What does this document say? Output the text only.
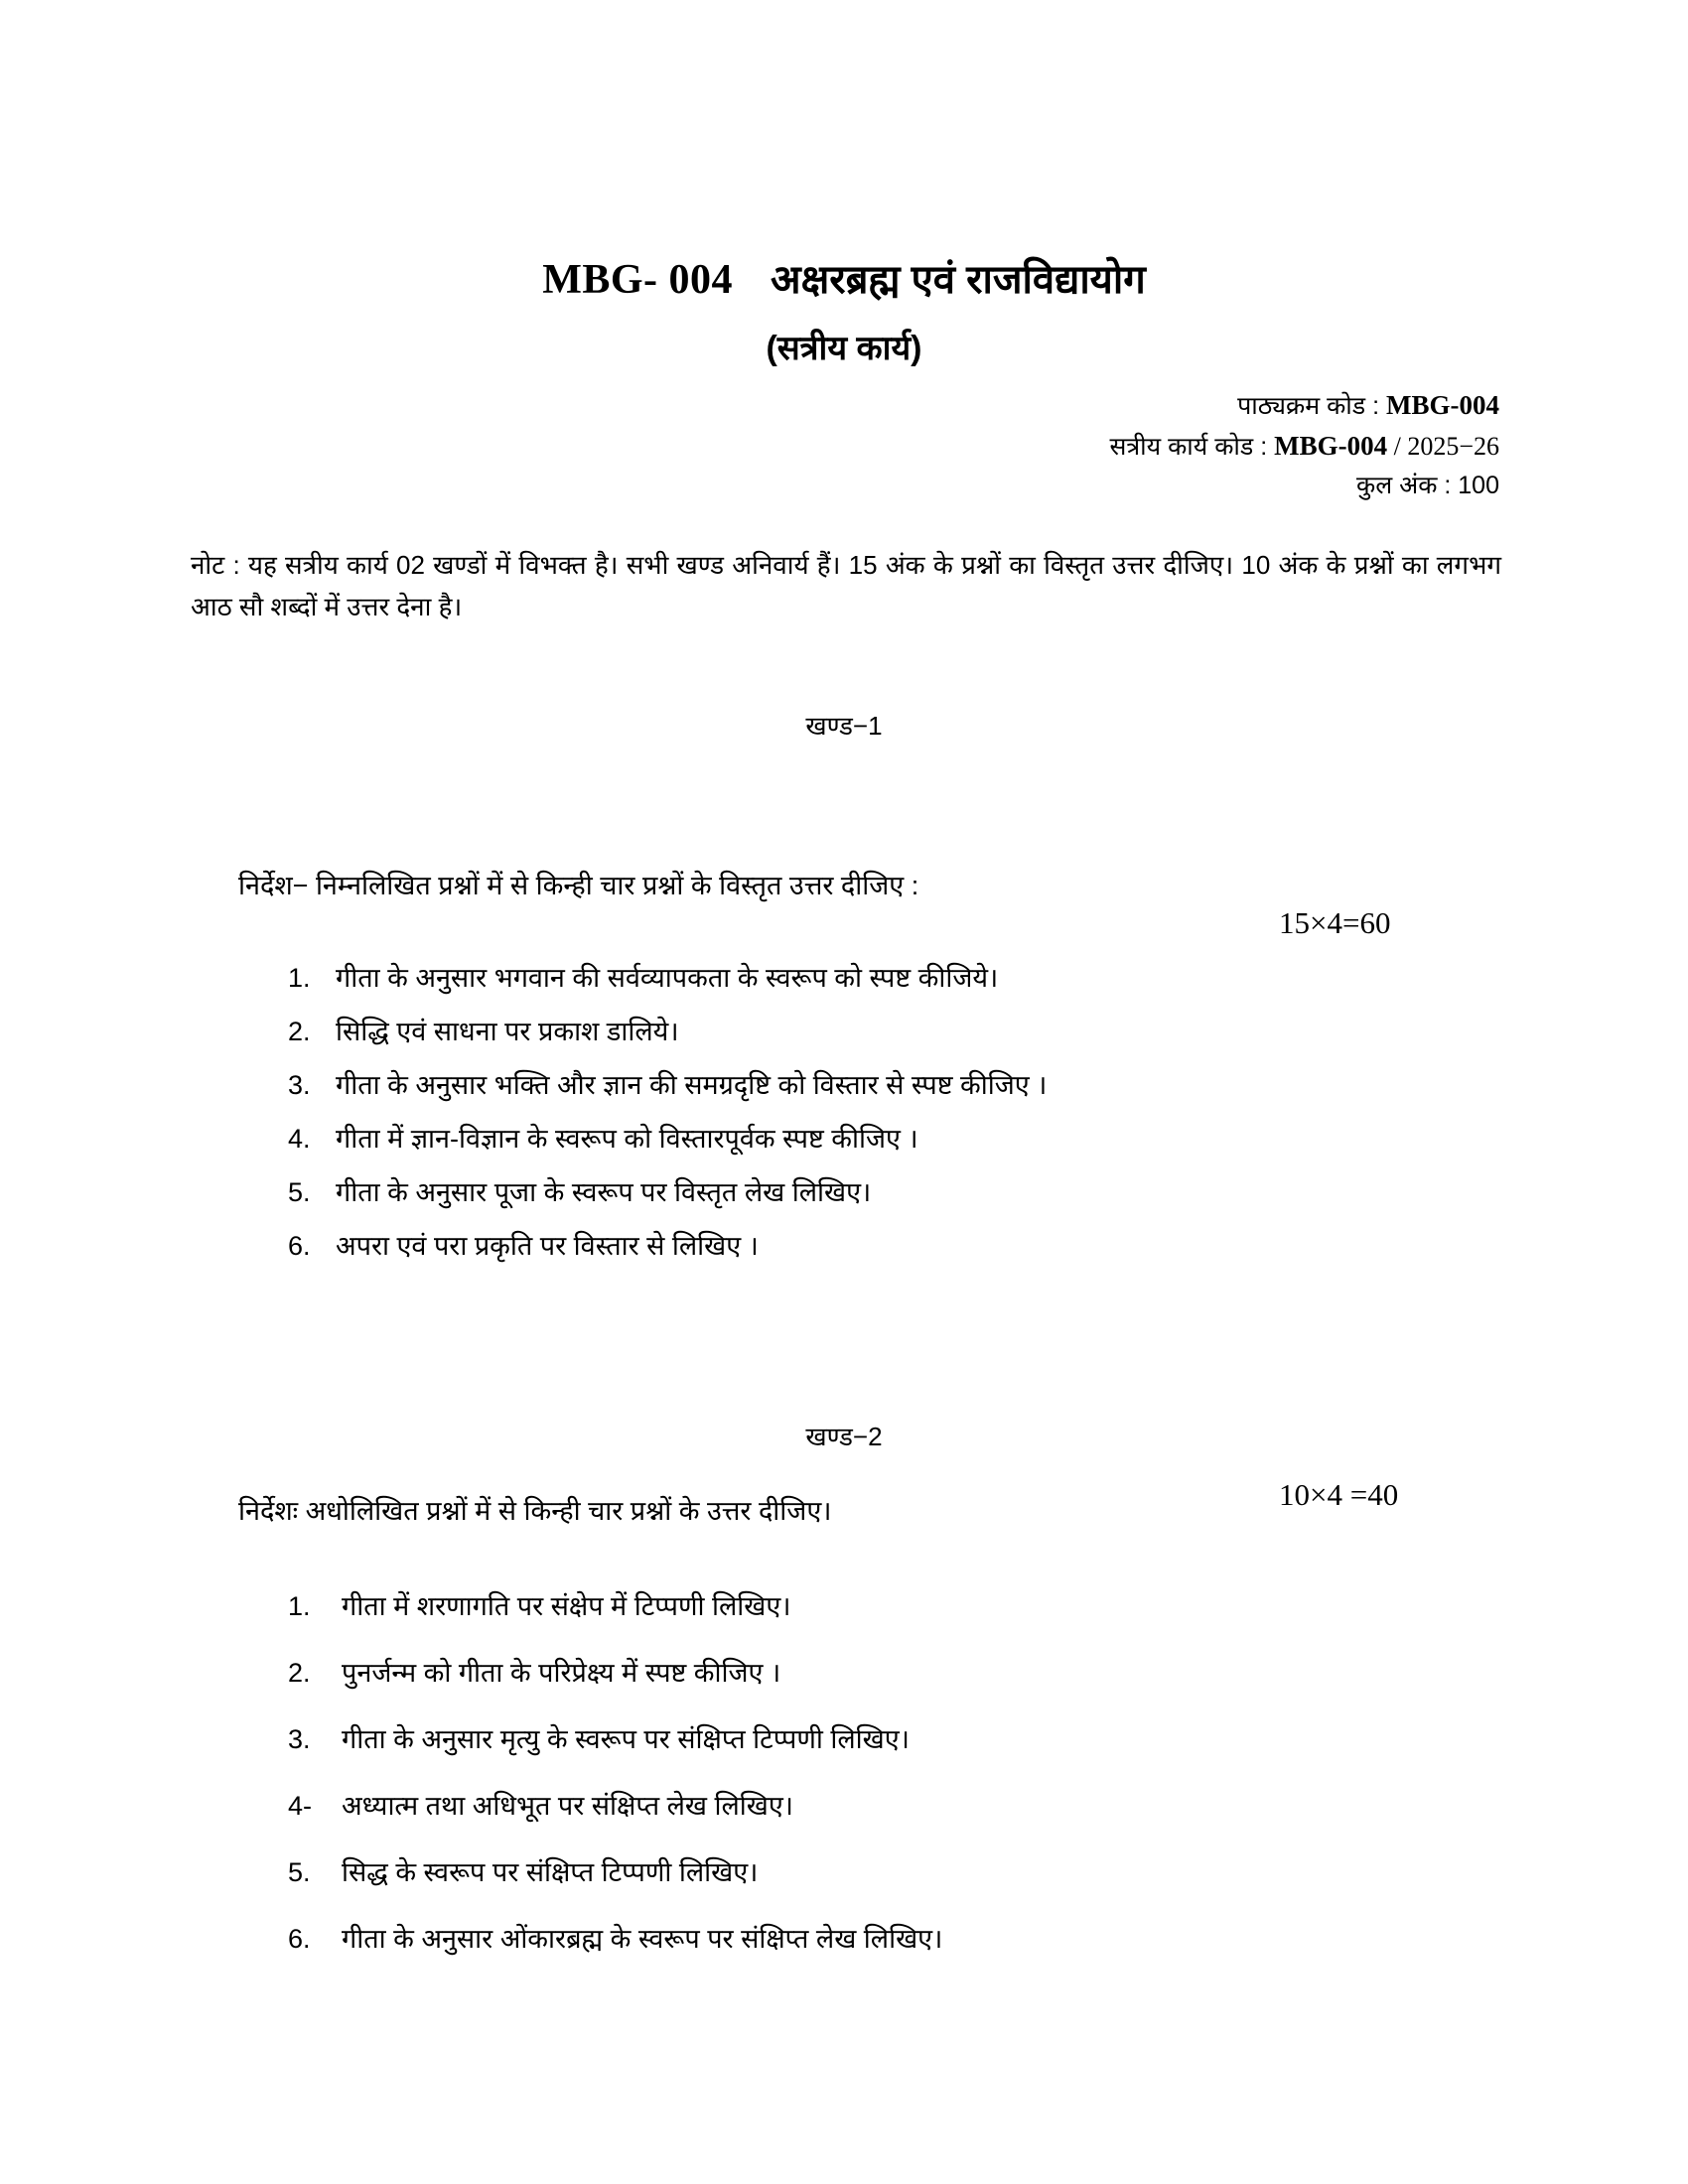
MBG- 004 अक्षरब्रह्म एवं राजविद्यायोग
(सत्रीय कार्य)
पाठ्यक्रम कोड : MBG-004
सत्रीय कार्य कोड : MBG-004 / 2025−26
कुल अंक : 100
नोट : यह सत्रीय कार्य 02 खण्डों में विभक्त है। सभी खण्ड अनिवार्य हैं। 15 अंक के प्रश्नों का विस्तृत उत्तर दीजिए। 10 अंक के प्रश्नों का लगभग आठ सौ शब्दों में उत्तर देना है।
खण्ड−1
निर्देश− निम्नलिखित प्रश्नों में से किन्ही चार प्रश्नों के विस्तृत उत्तर दीजिए :
15×4=60
1. गीता के अनुसार भगवान की सर्वव्यापकता के स्वरूप को स्पष्ट कीजिये।
2. सिद्धि एवं साधना पर प्रकाश डालिये।
3. गीता के अनुसार भक्ति और ज्ञान की समग्रदृष्टि को विस्तार से स्पष्ट कीजिए ।
4. गीता में ज्ञान-विज्ञान के स्वरूप को विस्तारपूर्वक स्पष्ट कीजिए ।
5. गीता के अनुसार पूजा के स्वरूप पर विस्तृत लेख लिखिए।
6. अपरा एवं परा प्रकृति पर विस्तार से लिखिए ।
खण्ड−2
10×4 =40
निर्देशः अधोलिखित प्रश्नों में से किन्ही चार प्रश्नों के उत्तर दीजिए।
1.	गीता में शरणागति पर संक्षेप में टिप्पणी लिखिए।
2.	पुनर्जन्म को गीता के परिप्रेक्ष्य में स्पष्ट कीजिए ।
3.	गीता के अनुसार मृत्यु के स्वरूप पर संक्षिप्त टिप्पणी लिखिए।
4-	अध्यात्म तथा अधिभूत पर संक्षिप्त लेख लिखिए।
5.	सिद्ध के स्वरूप पर संक्षिप्त टिप्पणी लिखिए।
6.	गीता के अनुसार ओंकारब्रह्म के स्वरूप पर संक्षिप्त लेख लिखिए।
